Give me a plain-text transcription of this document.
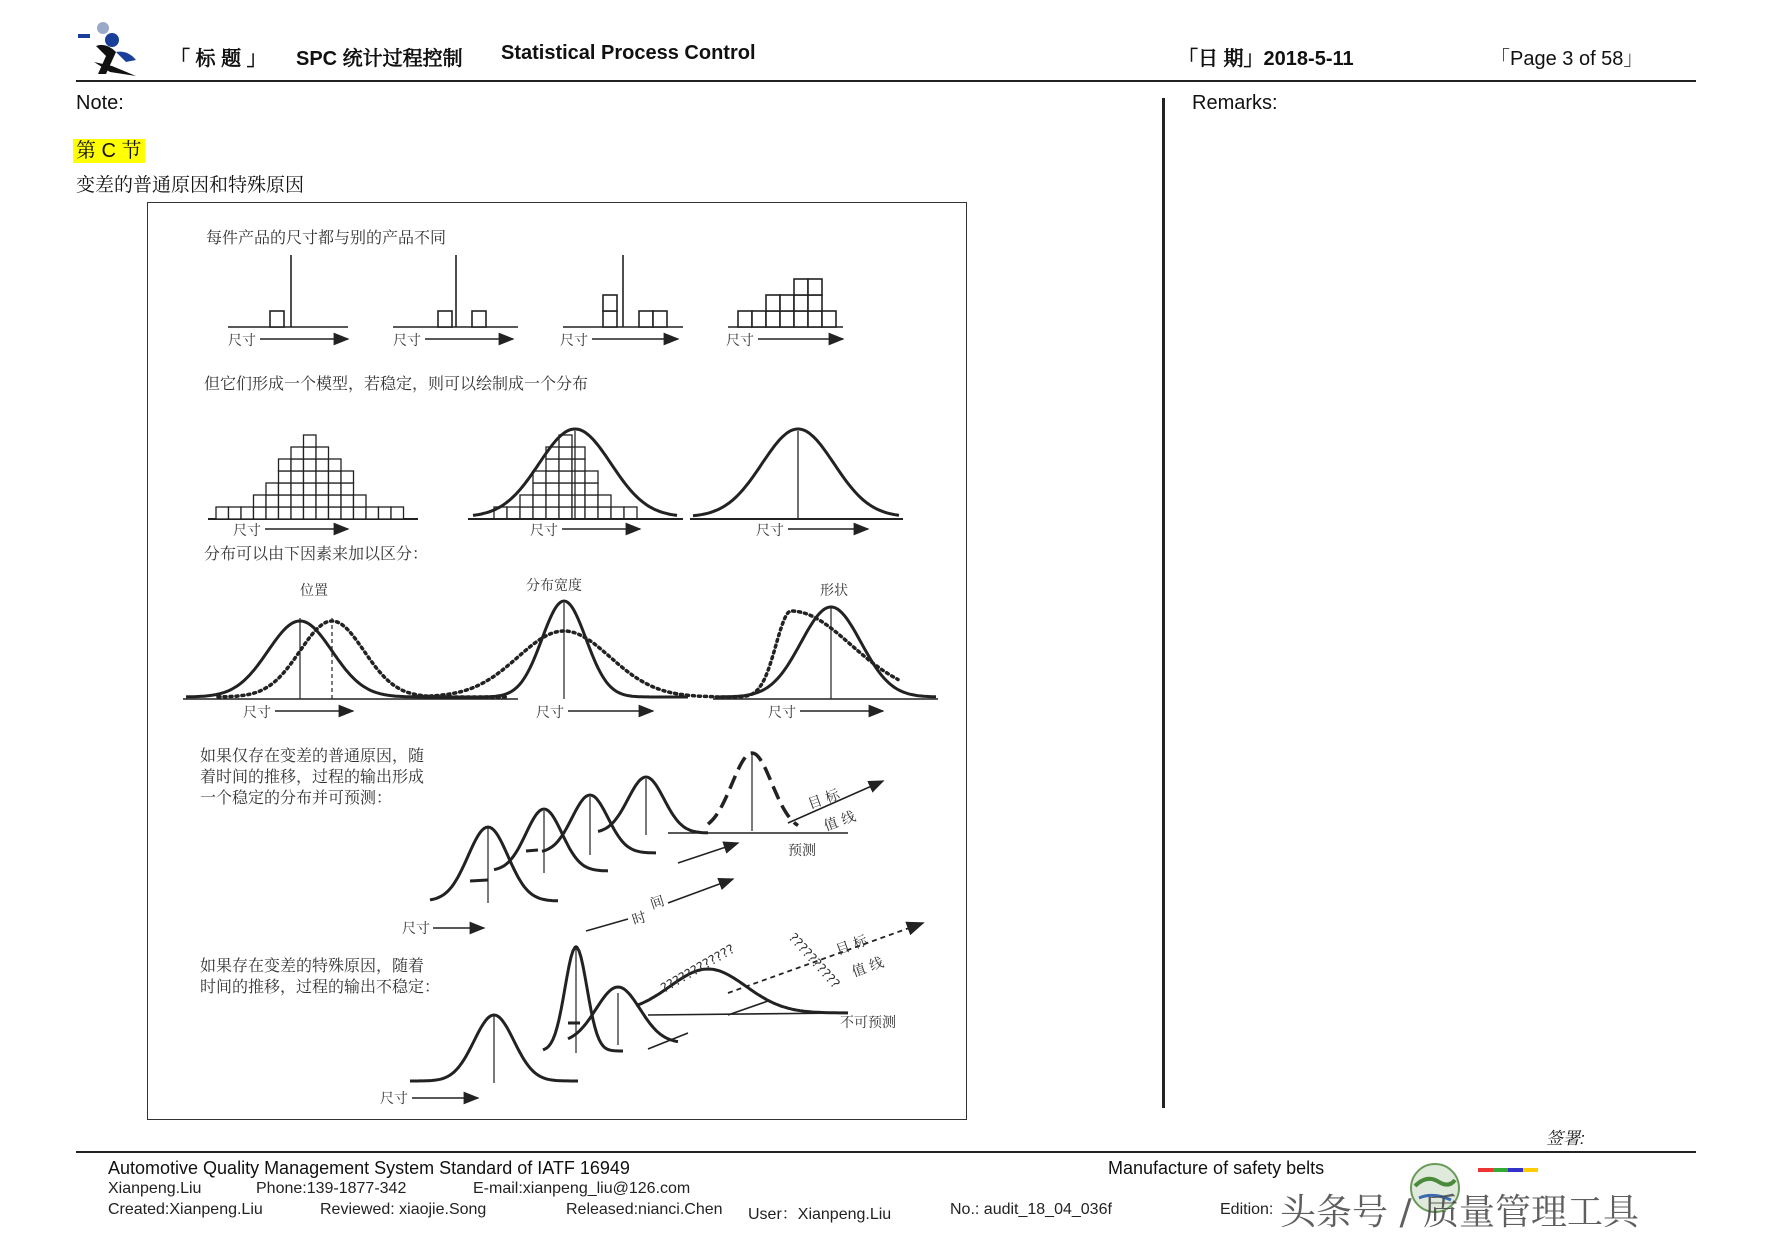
「 标 题 」 SPC 统计过程控制 Statistical Process Control	「日 期」2018-5-11	「Page 3 of 58」
Note:
第 C 节
变差的普通原因和特殊原因
Remarks:
每件产品的尺寸都与别的产品不同
尺寸	尺寸	尺寸	尺寸
但它们形成一个模型，若稳定，则可以绘制成一个分布
尺寸	尺寸	尺寸
分布可以由下因素来加以区分：
位置
尺寸
分布宽度
尺寸
形状
尺寸
如果仅存在变差的普通原因，随
着时间的推移，过程的输出形成
一个稳定的分布并可预测：	目 标
值 线
预测
尺寸
时
间
如果存在变差的特殊原因，随着
时间的推移，过程的输出不稳定：	????????????	??????????
目 标
值 线
不可预测
尺寸
签署:
Automotive Quality Management System Standard of IATF 16949	Manufacture of safety belts
Xianpeng.Liu	Phone:139-1877-342	E-mail:xianpeng_liu@126.com
Created:Xianpeng.Liu	Reviewed: xiaojie.Song	Released:nianci.Chen User：Xianpeng.Liu	No.: audit_18_04_036f	Edition: 头条号 / 质量管理工具
